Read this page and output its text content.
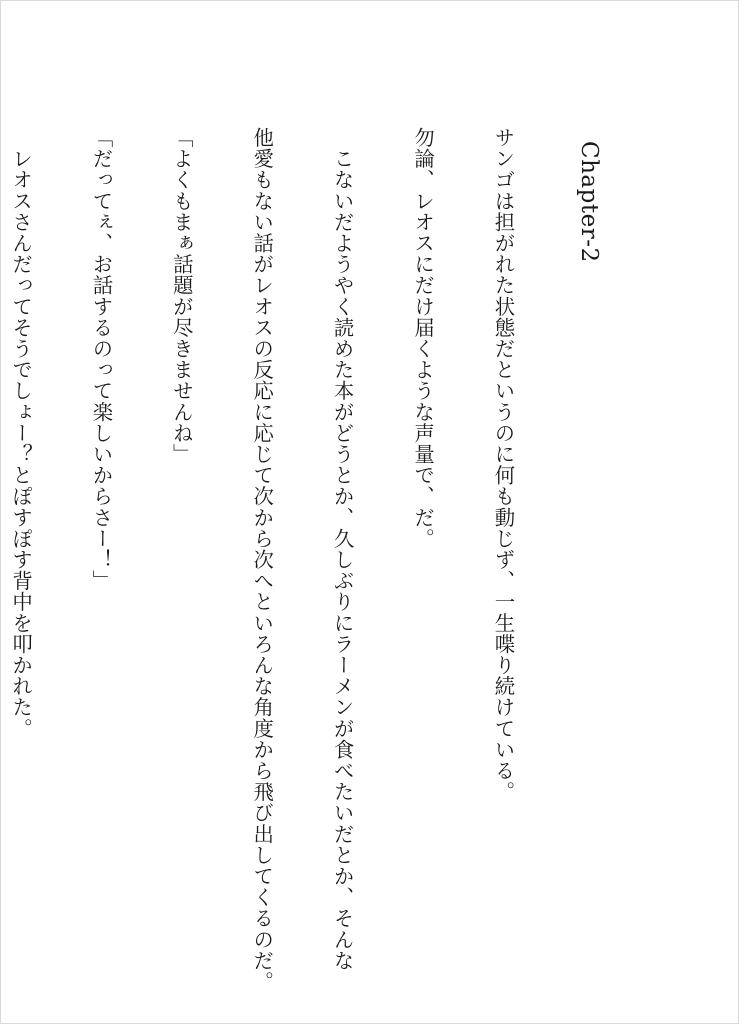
Chapter-2

サンゴは担がれた状態だというのに何も動じず、一生喋り続けている。

勿論、レオスにだけ届くような声量で、だ。

　こないだようやく読めた本がどうとか、久しぶりにラーメンが食べたいだとか、そんな

他愛もない話がレオスの反応に応じて次から次へといろんな角度から飛び出してくるのだ。

「よくもまぁ話題が尽きませんね」

「だってぇ、お話するのって楽しいからさー！」

　レオスさんだってそうでしょー？とぽすぽす背中を叩かれた。
